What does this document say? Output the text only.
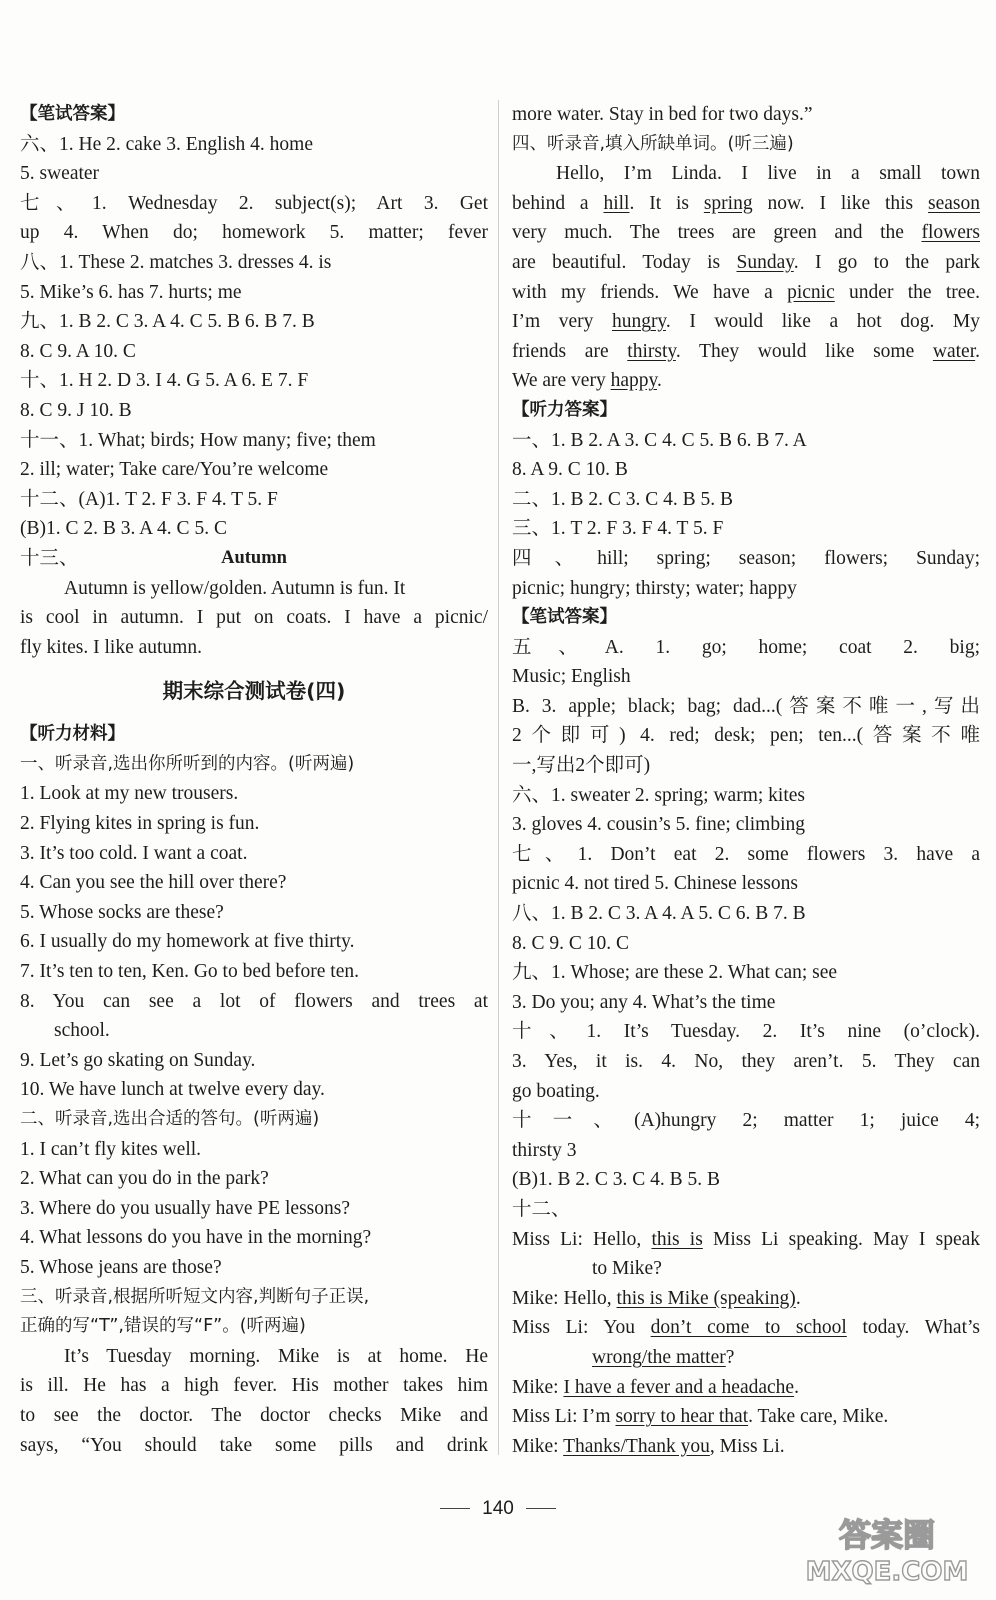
【笔试答案】
六、1. He 2. cake 3. English 4. home
5. sweater
七、1. Wednesday 2. subject(s); Art 3. Get
up 4. When do; homework 5. matter; fever
八、1. These 2. matches 3. dresses 4. is
5. Mike’s 6. has 7. hurts; me
九、1. B 2. C 3. A 4. C 5. B 6. B 7. B
8. C 9. A 10. C
十、1. H 2. D 3. I 4. G 5. A 6. E 7. F
8. C 9. J 10. B
十一、1. What; birds; How many; five; them
2. ill; water; Take care/You’re welcome
十二、(A)1. T 2. F 3. F 4. T 5. F
(B)1. C 2. B 3. A 4. C 5. C
十三、	Autumn
Autumn is yellow/golden. Autumn is fun. It
is cool in autumn. I put on coats. I have a picnic/
fly kites. I like autumn.
期末综合测试卷(四)
【听力材料】
一、听录音,选出你所听到的内容。(听两遍)
1. Look at my new trousers.
2. Flying kites in spring is fun.
3. It’s too cold. I want a coat.
4. Can you see the hill over there?
5. Whose socks are these?
6. I usually do my homework at five thirty.
7. It’s ten to ten, Ken. Go to bed before ten.
8. You can see a lot of flowers and trees at
school.
9. Let’s go skating on Sunday.
10. We have lunch at twelve every day.
二、听录音,选出合适的答句。(听两遍)
1. I can’t fly kites well.
2. What can you do in the park?
3. Where do you usually have PE lessons?
4. What lessons do you have in the morning?
5. Whose jeans are those?
三、听录音,根据所听短文内容,判断句子正误,
正确的写“T”,错误的写“F”。(听两遍)
It’s Tuesday morning. Mike is at home. He
is ill. He has a high fever. His mother takes him
to see the doctor. The doctor checks Mike and
says, “You should take some pills and drink
more water. Stay in bed for two days.”
四、听录音,填入所缺单词。(听三遍)
Hello, I’m Linda. I live in a small town
behind a hill. It is spring now. I like this season
very much. The trees are green and the flowers
are beautiful. Today is Sunday. I go to the park
with my friends. We have a picnic under the tree.
I’m very hungry. I would like a hot dog. My
friends are thirsty. They would like some water.
We are very happy.
【听力答案】
一、1. B 2. A 3. C 4. C 5. B 6. B 7. A
8. A 9. C 10. B
二、1. B 2. C 3. C 4. B 5. B
三、1. T 2. F 3. F 4. T 5. F
四、hill; spring; season; flowers; Sunday;
picnic; hungry; thirsty; water; happy
【笔试答案】
五、A. 1. go; home; coat 2. big;
Music; English
B. 3. apple; black; bag; dad...(答案不唯一,写出
2个即可) 4. red; desk; pen; ten...(答案不唯
一,写出2个即可)
六、1. sweater 2. spring; warm; kites
3. gloves 4. cousin’s 5. fine; climbing
七、1. Don’t eat 2. some flowers 3. have a
picnic 4. not tired 5. Chinese lessons
八、1. B 2. C 3. A 4. A 5. C 6. B 7. B
8. C 9. C 10. C
九、1. Whose; are these 2. What can; see
3. Do you; any 4. What’s the time
十、1. It’s Tuesday. 2. It’s nine (o’clock).
3. Yes, it is. 4. No, they aren’t. 5. They can
go boating.
十一、(A)hungry 2; matter 1; juice 4;
thirsty 3
(B)1. B 2. C 3. C 4. B 5. B
十二、
Miss Li: Hello, this is Miss Li speaking. May I speak
to Mike?
Mike: Hello, this is Mike (speaking).
Miss Li: You don’t come to school today. What’s
wrong/the matter?
Mike: I have a fever and a headache.
Miss Li: I’m sorry to hear that. Take care, Mike.
Mike: Thanks/Thank you, Miss Li.
140
答案圈
MXQE.COM
